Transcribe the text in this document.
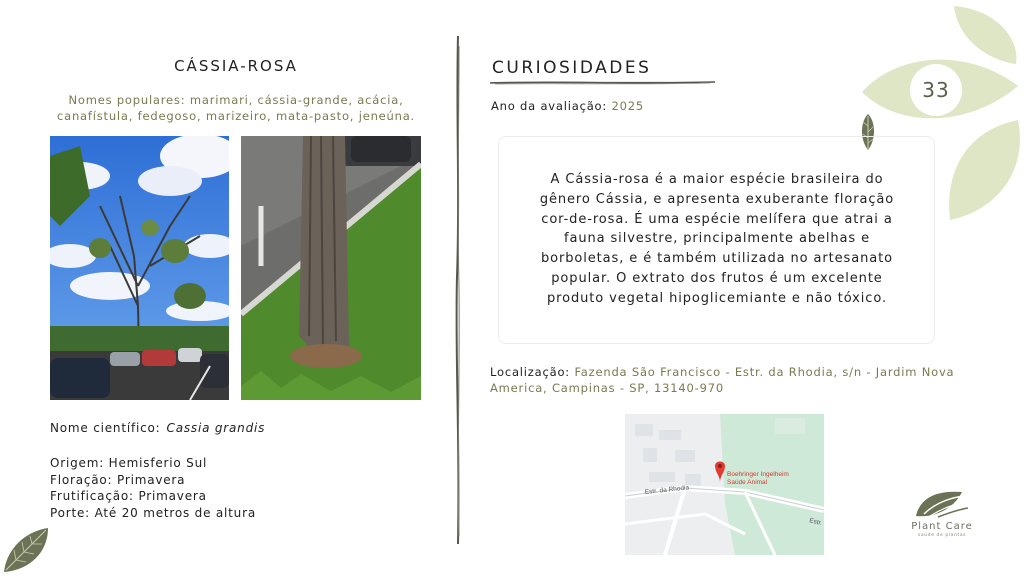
33
CÁSSIA-ROSA
Nomes populares: marimari, cássia-grande, acácia,
canafístula, fedegoso, marizeiro, mata-pasto, jeneúna.
Nome científico: Cassia grandis
Origem: Hemisferio Sul
Floração: Primavera
Frutificação: Primavera
Porte: Até 20 metros de altura
CURIOSIDADES
Ano da avaliação: 2025
A Cássia-rosa é a maior espécie brasileira do
gênero Cássia, e apresenta exuberante floração
cor-de-rosa. É uma espécie melífera que atrai a
fauna silvestre, principalmente abelhas e
borboletas, e é também utilizada no artesanato
popular. O extrato dos frutos é um excelente
produto vegetal hipoglicemiante e não tóxico.
Localização: Fazenda São Francisco - Estr. da Rhodia, s/n - Jardim Nova
America, Campinas - SP, 13140-970
Boehringer Ingelheim
Saúde Animal
Estr. da Rhodia
Estr.	Plant Care
saúde de plantas
